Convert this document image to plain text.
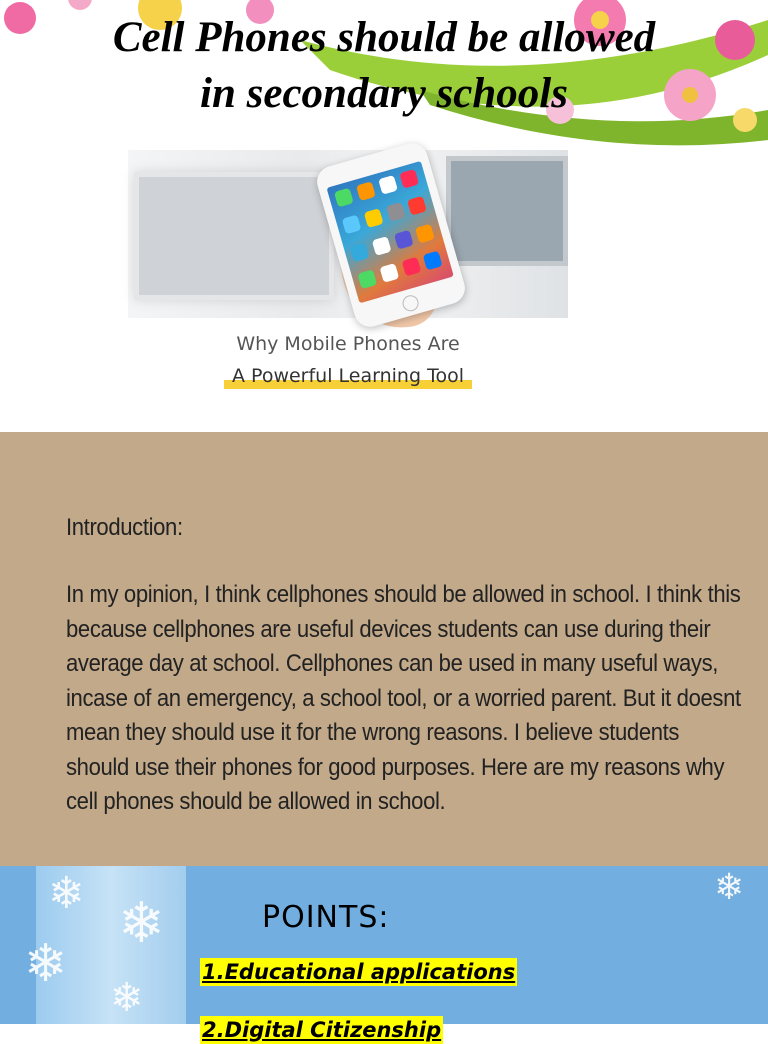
Cell Phones should be allowed
in secondary schools

Why Mobile Phones Are

A Powerful Learning Tool

Introduction:

In my opinion, I think cellphones should be allowed in school. I think this because cellphones are useful devices students can use during their average day at school. Cellphones can be used in many useful ways, incase of an emergency, a school tool, or a worried parent. But it doesnt mean they should use it for the wrong reasons. I believe students should use their phones for good purposes. Here are my reasons why cell phones should be allowed in school.

❄ ❄
❄
❄
❄
POINTS:
1.Educational applications
2.Digital Citizenship
